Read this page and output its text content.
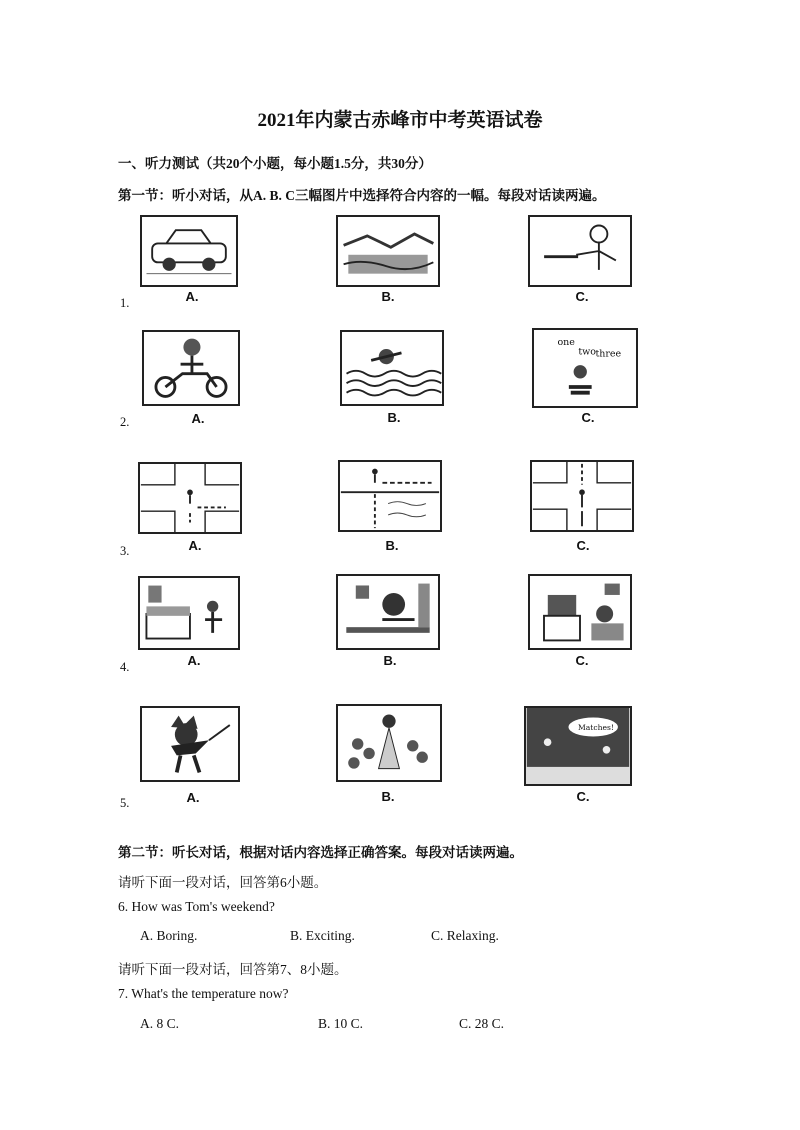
2021年内蒙古赤峰市中考英语试卷
一、听力测试（共20个小题，每小题1.5分，共30分）
第一节：听小对话，从A. B. C三幅图片中选择符合内容的一幅。每段对话读两遍。
1.	A.	B.	C.
one
two three
2.	A.	B.	C.
3.	A.	B.	C.
4.	A.	B.	C.
Matches!
5.	A.	B.	C.
第二节：听长对话，根据对话内容选择正确答案。每段对话读两遍。
请听下面一段对话，回答第6小题。
6. How was Tom's weekend?
A. Boring.	B. Exciting.	C. Relaxing.
请听下面一段对话，回答第7、8小题。
7. What's the temperature now?
A. 8 C.	B. 10 C.	C. 28 C.
